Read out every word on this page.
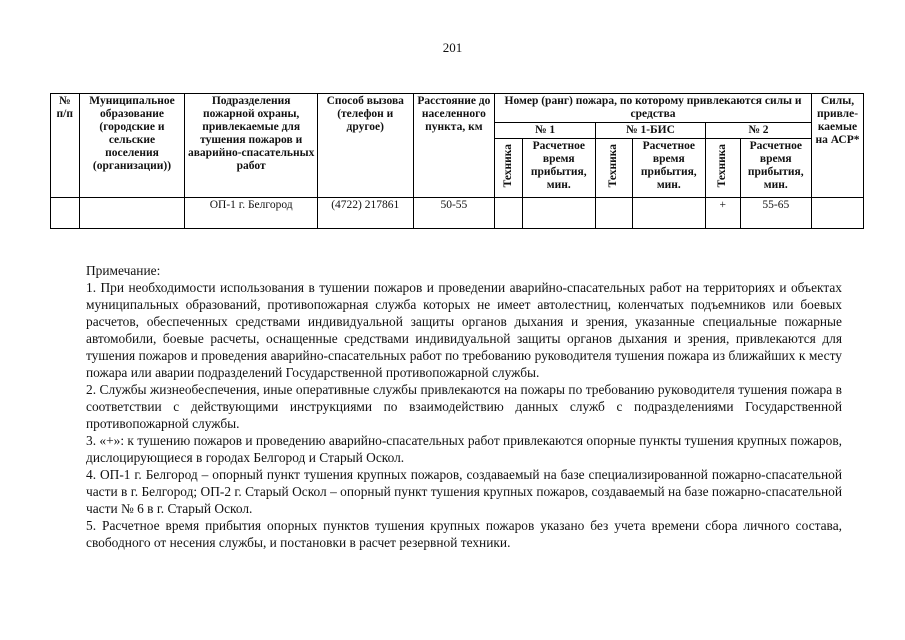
201
№ п/п	Муниципальное образование (городские и сельские поселения (организации))	Подразделения пожарной охраны, привлекаемые для тушения пожаров и аварийно-спасательных работ	Способ вызова (телефон и другое)	Расстояние до населенного пункта, км	Номер (ранг) пожара, по которому привлекаются силы и средства						Силы, привле-каемые на АСР*
					№ 1		№ 1-БИС		№ 2		
					Техника	Расчетное время прибытия, мин.	Техника	Расчетное время прибытия, мин.	Техника	Расчетное время прибытия, мин.	
		ОП-1 г. Белгород	(4722) 217861	50-55					+	55-65	

Примечание:

1. При необходимости использования в тушении пожаров и проведении аварийно-спасательных работ на территориях и объектах муниципальных образований, противопожарная служба которых не имеет автолестниц, коленчатых подъемников или боевых расчетов, обеспеченных средствами индивидуальной защиты органов дыхания и зрения, указанные специальные пожарные автомобили, боевые расчеты, оснащенные средствами индивидуальной защиты органов дыхания и зрения, привлекаются для тушения пожаров и проведения аварийно-спасательных работ по требованию руководителя тушения пожара из ближайших к месту пожара или аварии подразделений Государственной противопожарной службы.

2. Службы жизнеобеспечения, иные оперативные службы привлекаются на пожары по требованию руководителя тушения пожара в соответствии с действующими инструкциями по взаимодействию данных служб с подразделениями Государственной противопожарной службы.

3. «+»: к тушению пожаров и проведению аварийно-спасательных работ привлекаются опорные пункты тушения крупных пожаров, дислоцирующиеся в городах Белгород и Старый Оскол.

4. ОП-1 г. Белгород – опорный пункт тушения крупных пожаров, создаваемый на базе специализированной пожарно-спасательной части в г. Белгород; ОП-2 г. Старый Оскол – опорный пункт тушения крупных пожаров, создаваемый на базе пожарно-спасательной части № 6 в г. Старый Оскол.

5. Расчетное время прибытия опорных пунктов тушения крупных пожаров указано без учета времени сбора личного состава, свободного от несения службы, и постановки в расчет резервной техники.
